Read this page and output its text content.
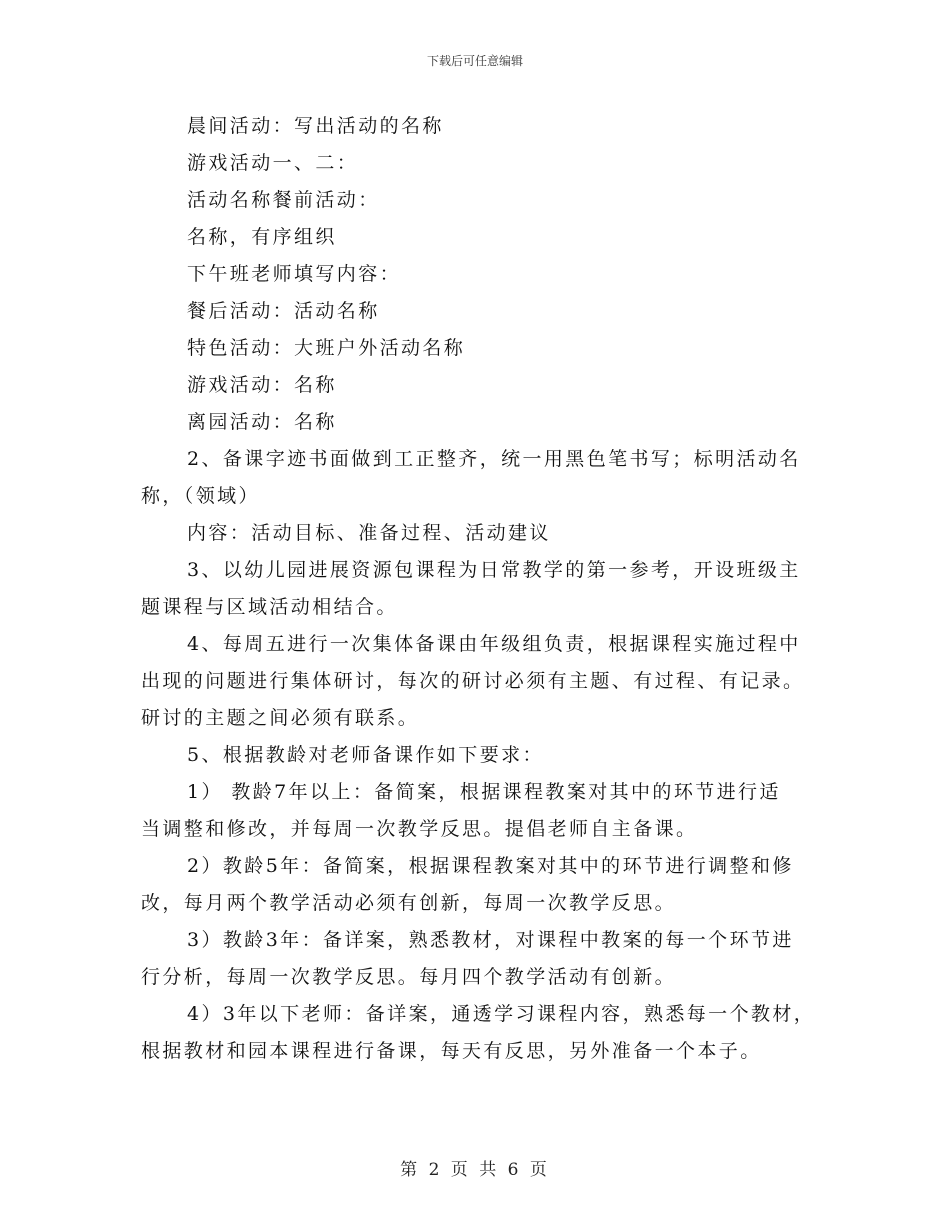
下载后可任意编辑
晨间活动：写出活动的名称
游戏活动一、二：
活动名称餐前活动：
名称，有序组织
下午班老师填写内容：
餐后活动：活动名称
特色活动：大班户外活动名称
游戏活动：名称
离园活动：名称
2、备课字迹书面做到工正整齐，统一用黑色笔书写；标明活动名
称，（领域）
内容：活动目标、准备过程、活动建议
3、以幼儿园进展资源包课程为日常教学的第一参考，开设班级主
题课程与区域活动相结合。
4、每周五进行一次集体备课由年级组负责，根据课程实施过程中
出现的问题进行集体研讨，每次的研讨必须有主题、有过程、有记录。
研讨的主题之间必须有联系。
5、根据教龄对老师备课作如下要求：
1） 教龄7年以上：备简案，根据课程教案对其中的环节进行适
当调整和修改，并每周一次教学反思。提倡老师自主备课。
2）教龄5年：备简案，根据课程教案对其中的环节进行调整和修
改，每月两个教学活动必须有创新，每周一次教学反思。
3）教龄3年：备详案，熟悉教材，对课程中教案的每一个环节进
行分析，每周一次教学反思。每月四个教学活动有创新。
4）3年以下老师：备详案，通透学习课程内容，熟悉每一个教材，
根据教材和园本课程进行备课，每天有反思，另外准备一个本子。
第 2 页 共 6 页
